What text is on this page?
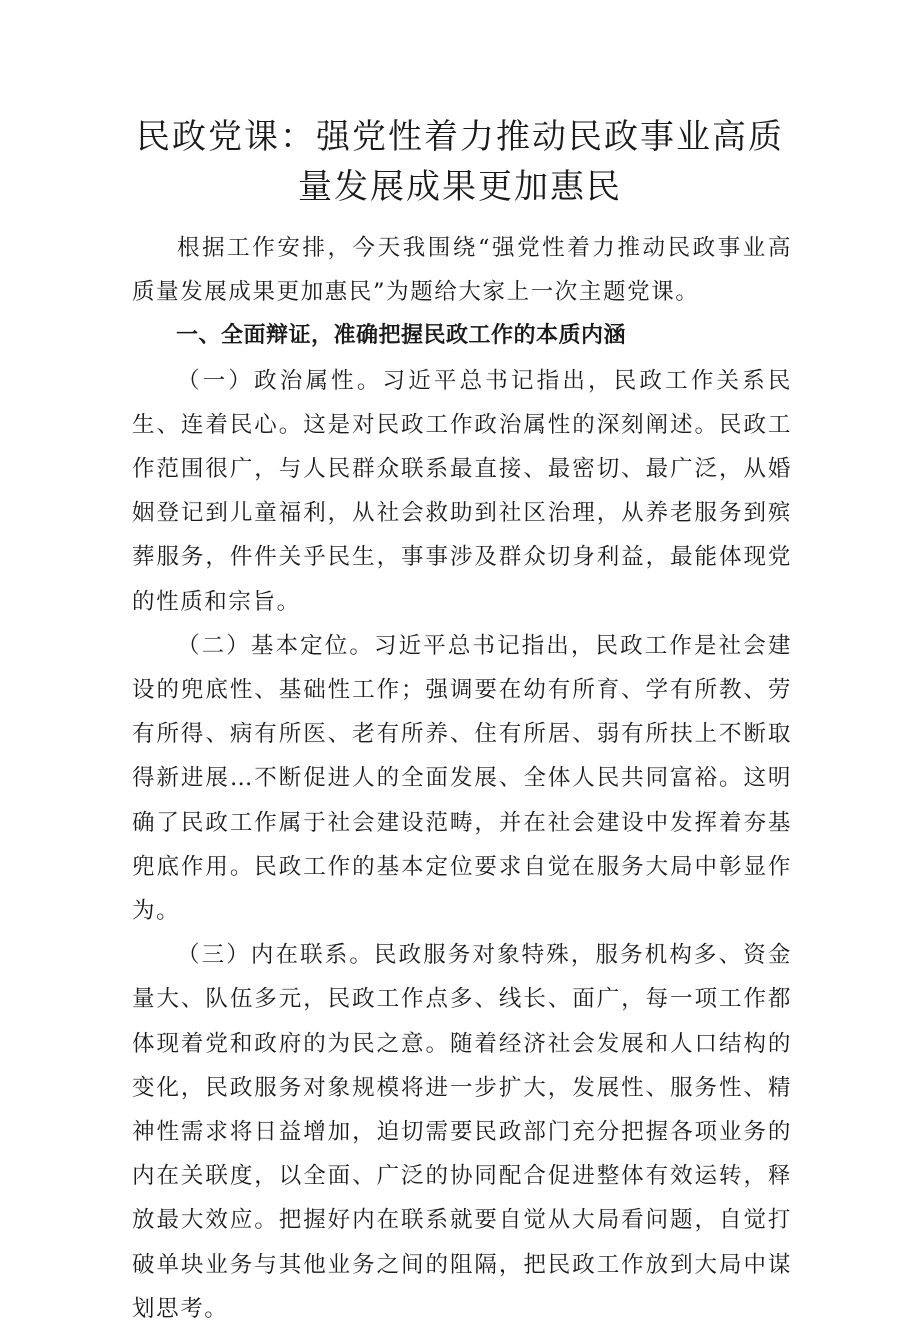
民政党课：强党性着力推动民政事业高质
量发展成果更加惠民

根据工作安排，今天我围绕“强党性着力推动民政事业高质量发展成果更加惠民”为题给大家上一次主题党课。

一、全面辩证，准确把握民政工作的本质内涵

（一）政治属性。习近平总书记指出，民政工作关系民生、连着民心。这是对民政工作政治属性的深刻阐述。民政工作范围很广，与人民群众联系最直接、最密切、最广泛，从婚姻登记到儿童福利，从社会救助到社区治理，从养老服务到殡葬服务，件件关乎民生，事事涉及群众切身利益，最能体现党的性质和宗旨。

（二）基本定位。习近平总书记指出，民政工作是社会建设的兜底性、基础性工作；强调要在幼有所育、学有所教、劳有所得、病有所医、老有所养、住有所居、弱有所扶上不断取得新进展…不断促进人的全面发展、全体人民共同富裕。这明确了民政工作属于社会建设范畴，并在社会建设中发挥着夯基兜底作用。民政工作的基本定位要求自觉在服务大局中彰显作为。

（三）内在联系。民政服务对象特殊，服务机构多、资金量大、队伍多元，民政工作点多、线长、面广，每一项工作都体现着党和政府的为民之意。随着经济社会发展和人口结构的变化，民政服务对象规模将进一步扩大，发展性、服务性、精神性需求将日益增加，迫切需要民政部门充分把握各项业务的内在关联度，以全面、广泛的协同配合促进整体有效运转，释放最大效应。把握好内在联系就要自觉从大局看问题，自觉打破单块业务与其他业务之间的阻隔，把民政工作放到大局中谋划思考。
